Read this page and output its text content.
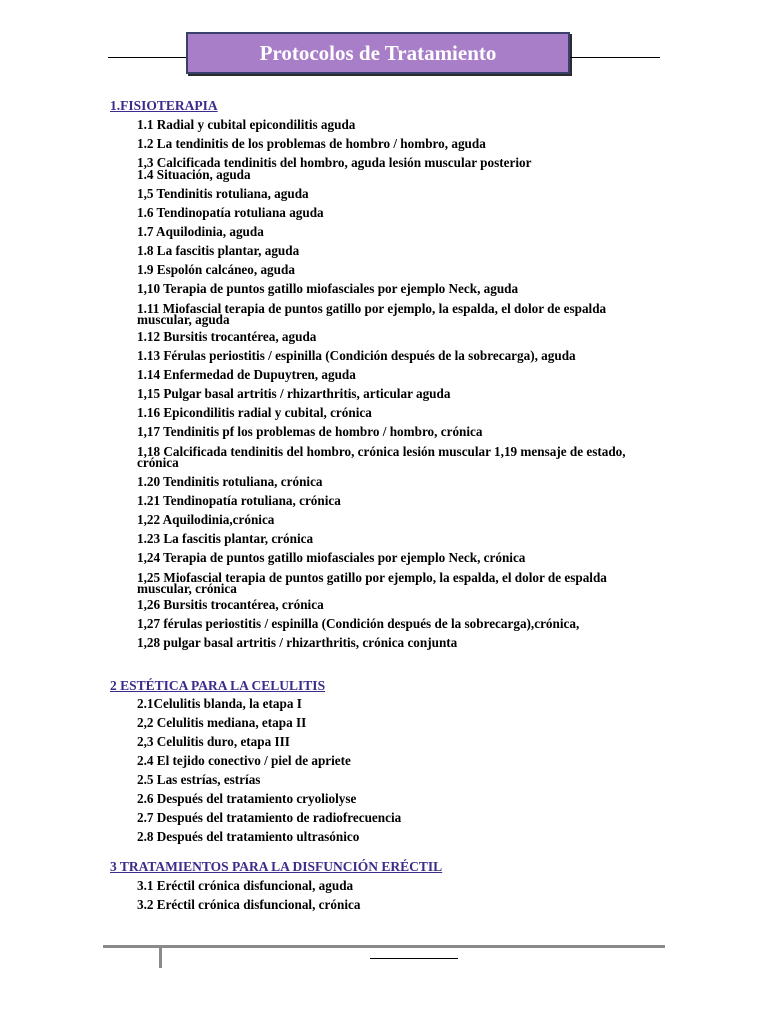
Protocolos de Tratamiento
1.FISIOTERAPIA
1.1 Radial y cubital epicondilitis aguda
1.2 La tendinitis de los problemas de hombro / hombro, aguda
1,3 Calcificada tendinitis del hombro, aguda lesión muscular posterior
1.4 Situación, aguda
1,5 Tendinitis rotuliana, aguda
1.6 Tendinopatía rotuliana aguda
1.7 Aquilodinia, aguda
1.8 La fascitis plantar, aguda
1.9 Espolón calcáneo, aguda
1,10 Terapia de puntos gatillo miofasciales por ejemplo Neck, aguda
1.11 Miofascial terapia de puntos gatillo por ejemplo, la espalda, el dolor de espalda muscular, aguda
1.12 Bursitis trocantérea, aguda
1.13 Férulas periostitis / espinilla (Condición después de la sobrecarga), aguda
1.14 Enfermedad de Dupuytren, aguda
1,15 Pulgar basal artritis / rhizarthritis, articular aguda
1.16 Epicondilitis radial y cubital, crónica
1,17 Tendinitis pf los problemas de hombro / hombro, crónica
1,18 Calcificada tendinitis del hombro, crónica lesión muscular 1,19 mensaje de estado, crónica
1.20 Tendinitis rotuliana, crónica
1.21 Tendinopatía rotuliana, crónica
1,22 Aquilodinia,crónica
1.23 La fascitis plantar, crónica
1,24 Terapia de puntos gatillo miofasciales por ejemplo Neck, crónica
1,25 Miofascial terapia de puntos gatillo por ejemplo, la espalda, el dolor de espalda muscular, crónica
1,26 Bursitis trocantérea, crónica
1,27 férulas periostitis / espinilla (Condición después de la sobrecarga),crónica,
1,28 pulgar basal artritis / rhizarthritis, crónica conjunta
2 ESTÉTICA PARA LA CELULITIS
2.1Celulitis blanda, la etapa I
2,2 Celulitis mediana, etapa II
2,3 Celulitis duro, etapa III
2.4 El tejido conectivo / piel de apriete
2.5 Las estrías, estrías
2.6 Después del tratamiento cryoliolyse
2.7 Después del tratamiento de radiofrecuencia
2.8 Después del tratamiento ultrasónico
3 TRATAMIENTOS PARA LA DISFUNCIÓN ERÉCTIL
3.1 Eréctil crónica disfuncional, aguda
3.2 Eréctil crónica disfuncional, crónica
